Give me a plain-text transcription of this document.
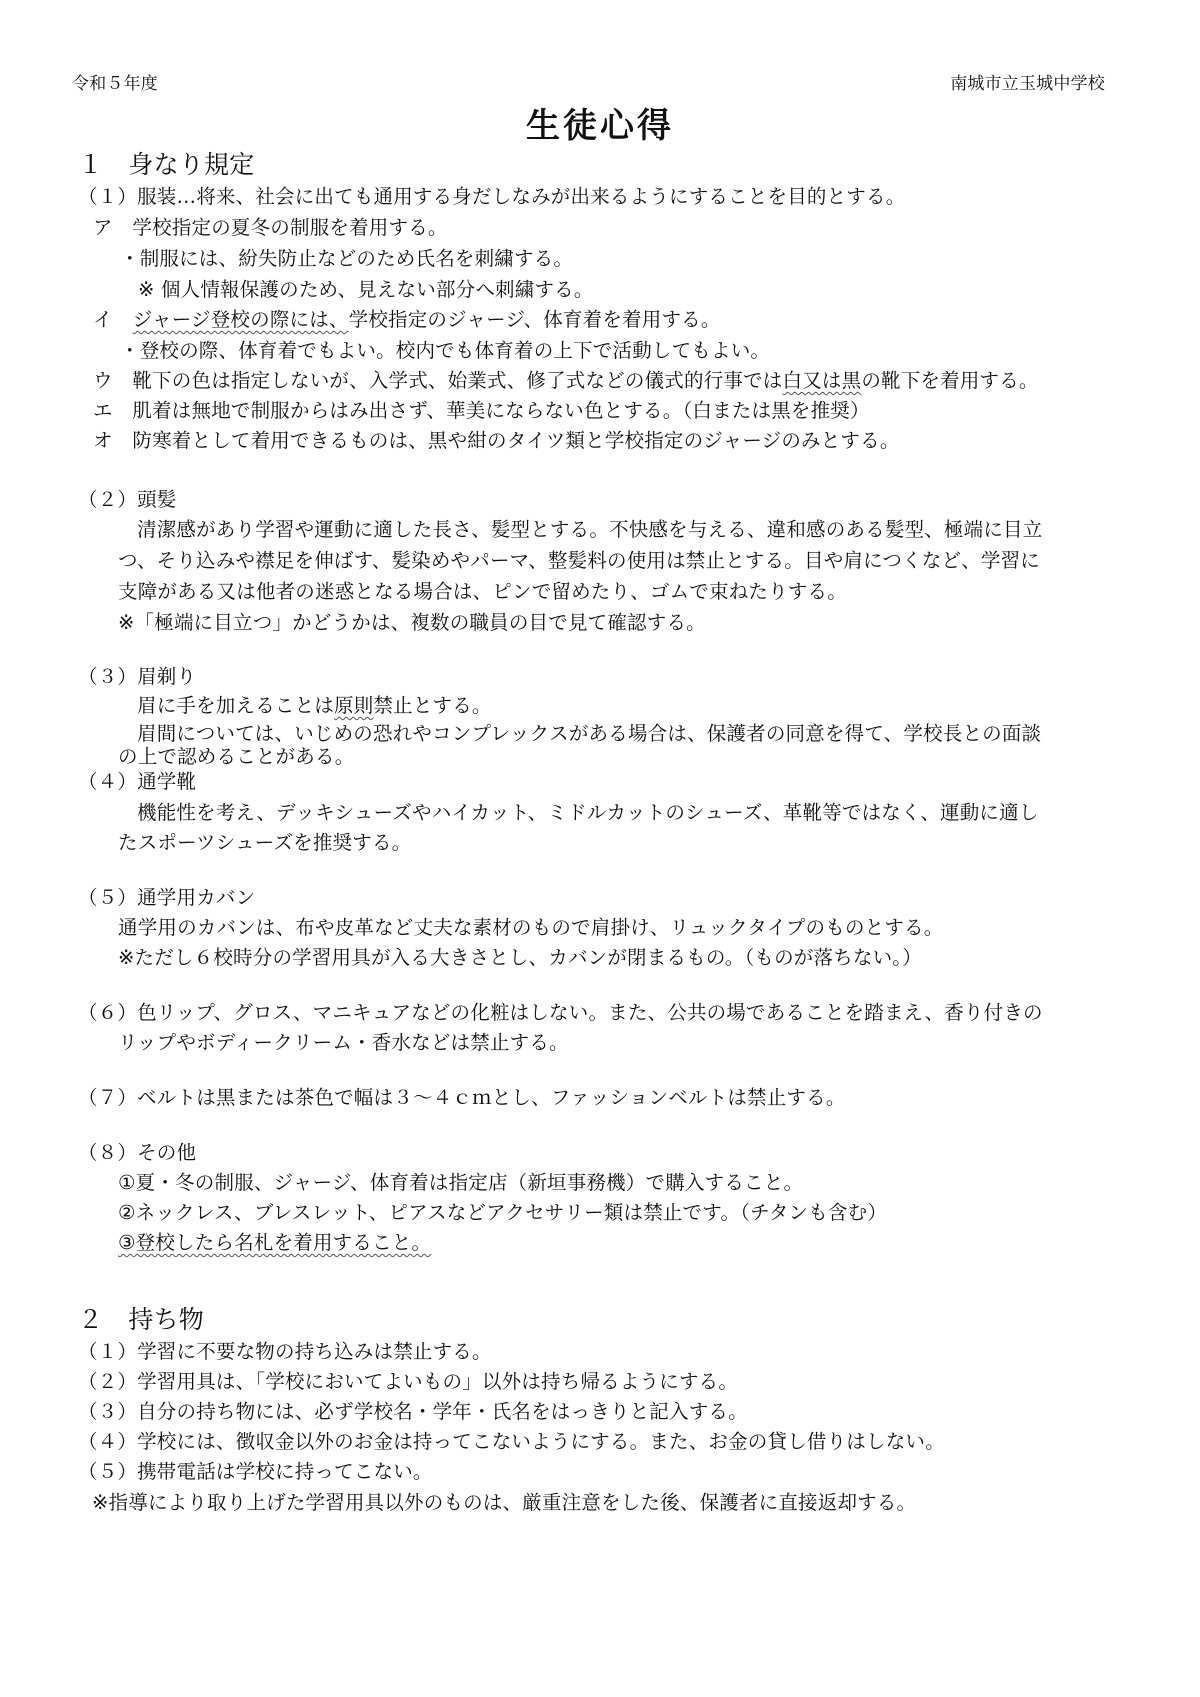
令和５年度	南城市立玉城中学校
生徒心得
１　身なり規定
（１）服装…将来、社会に出ても通用する身だしなみが出来るようにすることを目的とする。
ア　学校指定の夏冬の制服を着用する。
・制服には、紛失防止などのため氏名を刺繍する。
※ 個人情報保護のため、見えない部分へ刺繍する。
イ ジャージ登校の際には、学校指定のジャージ、体育着を着用する。
・登校の際、体育着でもよい。校内でも体育着の上下で活動してもよい。
ウ　靴下の色は指定しないが、入学式、始業式、修了式などの儀式的行事では白又は黒の靴下を着用する。
エ　肌着は無地で制服からはみ出さず、華美にならない色とする。（白または黒を推奨）
オ　防寒着として着用できるものは、黒や紺のタイツ類と学校指定のジャージのみとする。
（２）頭髪
清潔感があり学習や運動に適した長さ、髪型とする。不快感を与える、違和感のある髪型、極端に目立
つ、そり込みや襟足を伸ばす、髪染めやパーマ、整髪料の使用は禁止とする。目や肩につくなど、学習に
支障がある又は他者の迷惑となる場合は、ピンで留めたり、ゴムで束ねたりする。
※「極端に目立つ」かどうかは、複数の職員の目で見て確認する。
（３）眉剃り
眉に手を加えることは原則禁止とする。
眉間については、いじめの恐れやコンプレックスがある場合は、保護者の同意を得て、学校長との面談
の上で認めることがある。
（４）通学靴
機能性を考え、デッキシューズやハイカット、ミドルカットのシューズ、革靴等ではなく、運動に適し
たスポーツシューズを推奨する。
（５）通学用カバン
通学用のカバンは、布や皮革など丈夫な素材のもので肩掛け、リュックタイプのものとする。
※ただし６校時分の学習用具が入る大きさとし、カバンが閉まるもの。（ものが落ちない。）
（６）色リップ、グロス、マニキュアなどの化粧はしない。また、公共の場であることを踏まえ、香り付きの
リップやボディークリーム・香水などは禁止する。
（７）ベルトは黒または茶色で幅は３～４ｃｍとし、ファッションベルトは禁止する。
（８）その他
①夏・冬の制服、ジャージ、体育着は指定店（新垣事務機）で購入すること。
②ネックレス、ブレスレット、ピアスなどアクセサリー類は禁止です。（チタンも含む）
③登校したら名札を着用すること。
２　持ち物
（１）学習に不要な物の持ち込みは禁止する。
（２）学習用具は、「学校においてよいもの」以外は持ち帰るようにする。
（３）自分の持ち物には、必ず学校名・学年・氏名をはっきりと記入する。
（４）学校には、徴収金以外のお金は持ってこないようにする。また、お金の貸し借りはしない。
（５）携帯電話は学校に持ってこない。
※指導により取り上げた学習用具以外のものは、厳重注意をした後、保護者に直接返却する。
